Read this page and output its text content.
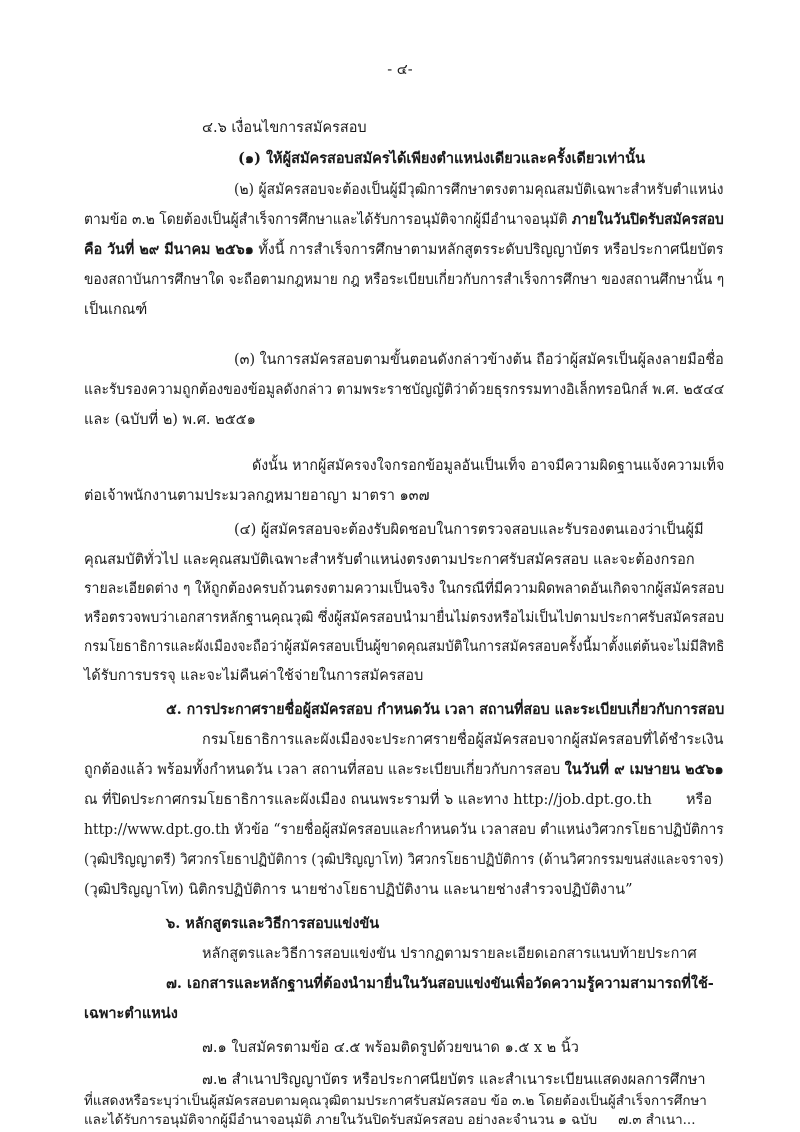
- ๔-
๔.๖ เงื่อนไขการสมัครสอบ
(๑) ให้ผู้สมัครสอบสมัครได้เพียงตำแหน่งเดียวและครั้งเดียวเท่านั้น
(๒) ผู้สมัครสอบจะต้องเป็นผู้มีวุฒิการศึกษาตรงตามคุณสมบัติเฉพาะสำหรับตำแหน่ง
ตามข้อ ๓.๒ โดยต้องเป็นผู้สำเร็จการศึกษาและได้รับการอนุมัติจากผู้มีอำนาจอนุมัติ ภายในวันปิดรับสมัครสอบ
คือ วันที่ ๒๙ มีนาคม ๒๕๖๑ ทั้งนี้ การสำเร็จการศึกษาตามหลักสูตรระดับปริญญาบัตร หรือประกาศนียบัตร
ของสถาบันการศึกษาใด จะถือตามกฎหมาย กฎ หรือระเบียบเกี่ยวกับการสำเร็จการศึกษา ของสถานศึกษานั้น ๆ
เป็นเกณฑ์
(๓) ในการสมัครสอบตามขั้นตอนดังกล่าวข้างต้น ถือว่าผู้สมัครเป็นผู้ลงลายมือชื่อ
และรับรองความถูกต้องของข้อมูลดังกล่าว ตามพระราชบัญญัติว่าด้วยธุรกรรมทางอิเล็กทรอนิกส์ พ.ศ. ๒๕๔๔
และ (ฉบับที่ ๒) พ.ศ. ๒๕๕๑
ดังนั้น หากผู้สมัครจงใจกรอกข้อมูลอันเป็นเท็จ อาจมีความผิดฐานแจ้งความเท็จ
ต่อเจ้าพนักงานตามประมวลกฎหมายอาญา มาตรา ๑๓๗
(๔) ผู้สมัครสอบจะต้องรับผิดชอบในการตรวจสอบและรับรองตนเองว่าเป็นผู้มี
คุณสมบัติทั่วไป และคุณสมบัติเฉพาะสำหรับตำแหน่งตรงตามประกาศรับสมัครสอบ และจะต้องกรอก
รายละเอียดต่าง ๆ ให้ถูกต้องครบถ้วนตรงตามความเป็นจริง ในกรณีที่มีความผิดพลาดอันเกิดจากผู้สมัครสอบ
หรือตรวจพบว่าเอกสารหลักฐานคุณวุฒิ ซึ่งผู้สมัครสอบนำมายื่นไม่ตรงหรือไม่เป็นไปตามประกาศรับสมัครสอบ
กรมโยธาธิการและผังเมืองจะถือว่าผู้สมัครสอบเป็นผู้ขาดคุณสมบัติในการสมัครสอบครั้งนี้มาตั้งแต่ต้นจะไม่มีสิทธิ
ได้รับการบรรจุ และจะไม่คืนค่าใช้จ่ายในการสมัครสอบ
๕. การประกาศรายชื่อผู้สมัครสอบ กำหนดวัน เวลา สถานที่สอบ และระเบียบเกี่ยวกับการสอบ
กรมโยธาธิการและผังเมืองจะประกาศรายชื่อผู้สมัครสอบจากผู้สมัครสอบที่ได้ชำระเงิน
ถูกต้องแล้ว พร้อมทั้งกำหนดวัน เวลา สถานที่สอบ และระเบียบเกี่ยวกับการสอบ ในวันที่ ๙ เมษายน ๒๕๖๑
ณ ที่ปิดประกาศกรมโยธาธิการและผังเมือง ถนนพระรามที่ ๖ และทาง http://job.dpt.go.th หรือ
http://www.dpt.go.th หัวข้อ “รายชื่อผู้สมัครสอบและกำหนดวัน เวลาสอบ ตำแหน่งวิศวกรโยธาปฏิบัติการ
(วุฒิปริญญาตรี) วิศวกรโยธาปฏิบัติการ (วุฒิปริญญาโท) วิศวกรโยธาปฏิบัติการ (ด้านวิศวกรรมขนส่งและจราจร)
(วุฒิปริญญาโท) นิติกรปฏิบัติการ นายช่างโยธาปฏิบัติงาน และนายช่างสำรวจปฏิบัติงาน”
๖. หลักสูตรและวิธีการสอบแข่งขัน
หลักสูตรและวิธีการสอบแข่งขัน ปรากฏตามรายละเอียดเอกสารแนบท้ายประกาศ
๗. เอกสารและหลักฐานที่ต้องนำมายื่นในวันสอบแข่งขันเพื่อวัดความรู้ความสามารถที่ใช้-
เฉพาะตำแหน่ง
๗.๑ ใบสมัครตามข้อ ๔.๕ พร้อมติดรูปด้วยขนาด ๑.๕ x ๒ นิ้ว
๗.๒ สำเนาปริญญาบัตร หรือประกาศนียบัตร และสำเนาระเบียนแสดงผลการศึกษา
ที่แสดงหรือระบุว่าเป็นผู้สมัครสอบตามคุณวุฒิตามประกาศรับสมัครสอบ ข้อ ๓.๒ โดยต้องเป็นผู้สำเร็จการศึกษา
และได้รับการอนุมัติจากผู้มีอำนาจอนุมัติ ภายในวันปิดรับสมัครสอบ อย่างละจำนวน ๑ ฉบับ ๗.๓ สำเนา...
